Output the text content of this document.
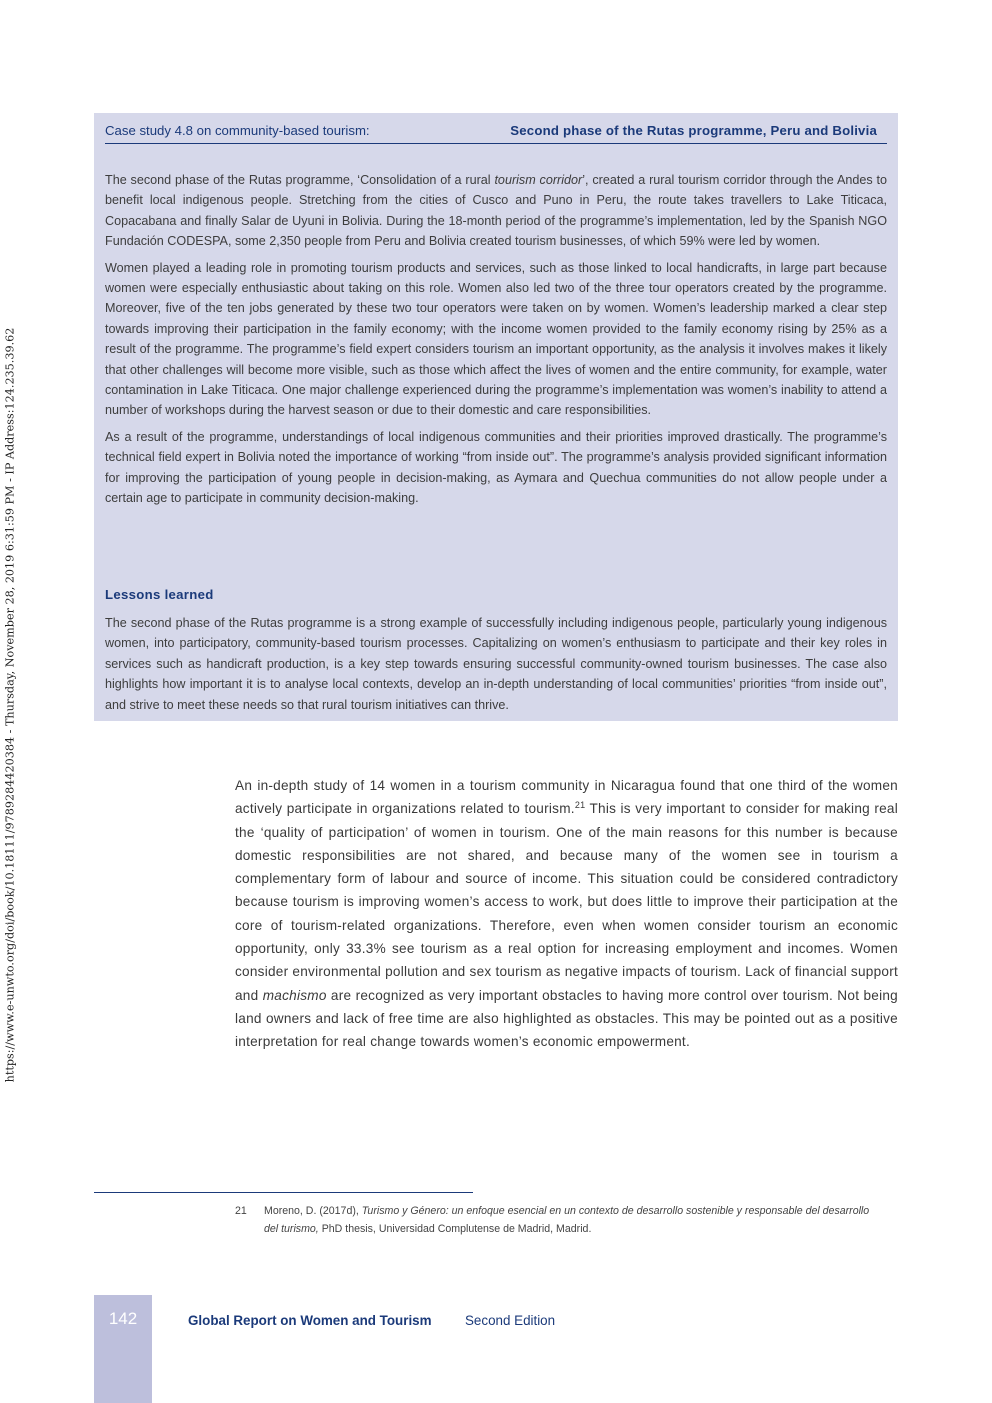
https://www.e-unwto.org/doi/book/10.18111/9789284420384 - Thursday, November 28, 2019 6:31:59 PM - IP Address:124.235.39.62
Case study 4.8 on community-based tourism:	Second phase of the Rutas programme, Peru and Bolivia

The second phase of the Rutas programme, ‘Consolidation of a rural tourism corridor’, created a rural tourism corridor through the Andes to benefit local indigenous people. Stretching from the cities of Cusco and Puno in Peru, the route takes travellers to Lake Titicaca, Copacabana and finally Salar de Uyuni in Bolivia. During the 18-month period of the programme’s implementation, led by the Spanish NGO Fundación CODESPA, some 2,350 people from Peru and Bolivia created tourism businesses, of which 59% were led by women.

Women played a leading role in promoting tourism products and services, such as those linked to local handicrafts, in large part because women were especially enthusiastic about taking on this role. Women also led two of the three tour operators created by the programme. Moreover, five of the ten jobs generated by these two tour operators were taken on by women. Women’s leadership marked a clear step towards improving their participation in the family economy; with the income women provided to the family economy rising by 25% as a result of the programme. The programme’s field expert considers tourism an important opportunity, as the analysis it involves makes it likely that other challenges will become more visible, such as those which affect the lives of women and the entire community, for example, water contamination in Lake Titicaca. One major challenge experienced during the programme’s implementation was women’s inability to attend a number of workshops during the harvest season or due to their domestic and care responsibilities.

As a result of the programme, understandings of local indigenous communities and their priorities improved drastically. The programme’s technical field expert in Bolivia noted the importance of working “from inside out”. The programme’s analysis provided significant information for improving the participation of young people in decision-making, as Aymara and Quechua communities do not allow people under a certain age to participate in community decision-making.

Lessons learned

The second phase of the Rutas programme is a strong example of successfully including indigenous people, particularly young indigenous women, into participatory, community-based tourism processes. Capitalizing on women’s enthusiasm to participate and their key roles in services such as handicraft production, is a key step towards ensuring successful community-owned tourism businesses. The case also highlights how important it is to analyse local contexts, develop an in-depth understanding of local communities’ priorities “from inside out”, and strive to meet these needs so that rural tourism initiatives can thrive.

An in-depth study of 14 women in a tourism community in Nicaragua found that one third of the women actively participate in organizations related to tourism.$^{21}$ This is very important to consider for making real the ‘quality of participation’ of women in tourism. One of the main reasons for this number is because domestic responsibilities are not shared, and because many of the women see in tourism a complementary form of labour and source of income. This situation could be considered contradictory because tourism is improving women’s access to work, but does little to improve their participation at the core of tourism-related organizations. Therefore, even when women consider tourism an economic opportunity, only 33.3% see tourism as a real option for increasing employment and incomes. Women consider environmental pollution and sex tourism as negative impacts of tourism. Lack of financial support and machismo are recognized as very important obstacles to having more control over tourism. Not being land owners and lack of free time are also highlighted as obstacles. This may be pointed out as a positive interpretation for real change towards women’s economic empowerment.
21 Moreno, D. (2017d), Turismo y Género: un enfoque esencial en un contexto de desarrollo sostenible y responsable del desarrollo del turismo, PhD thesis, Universidad Complutense de Madrid, Madrid.
142	Global Report on Women and Tourism Second Edition
